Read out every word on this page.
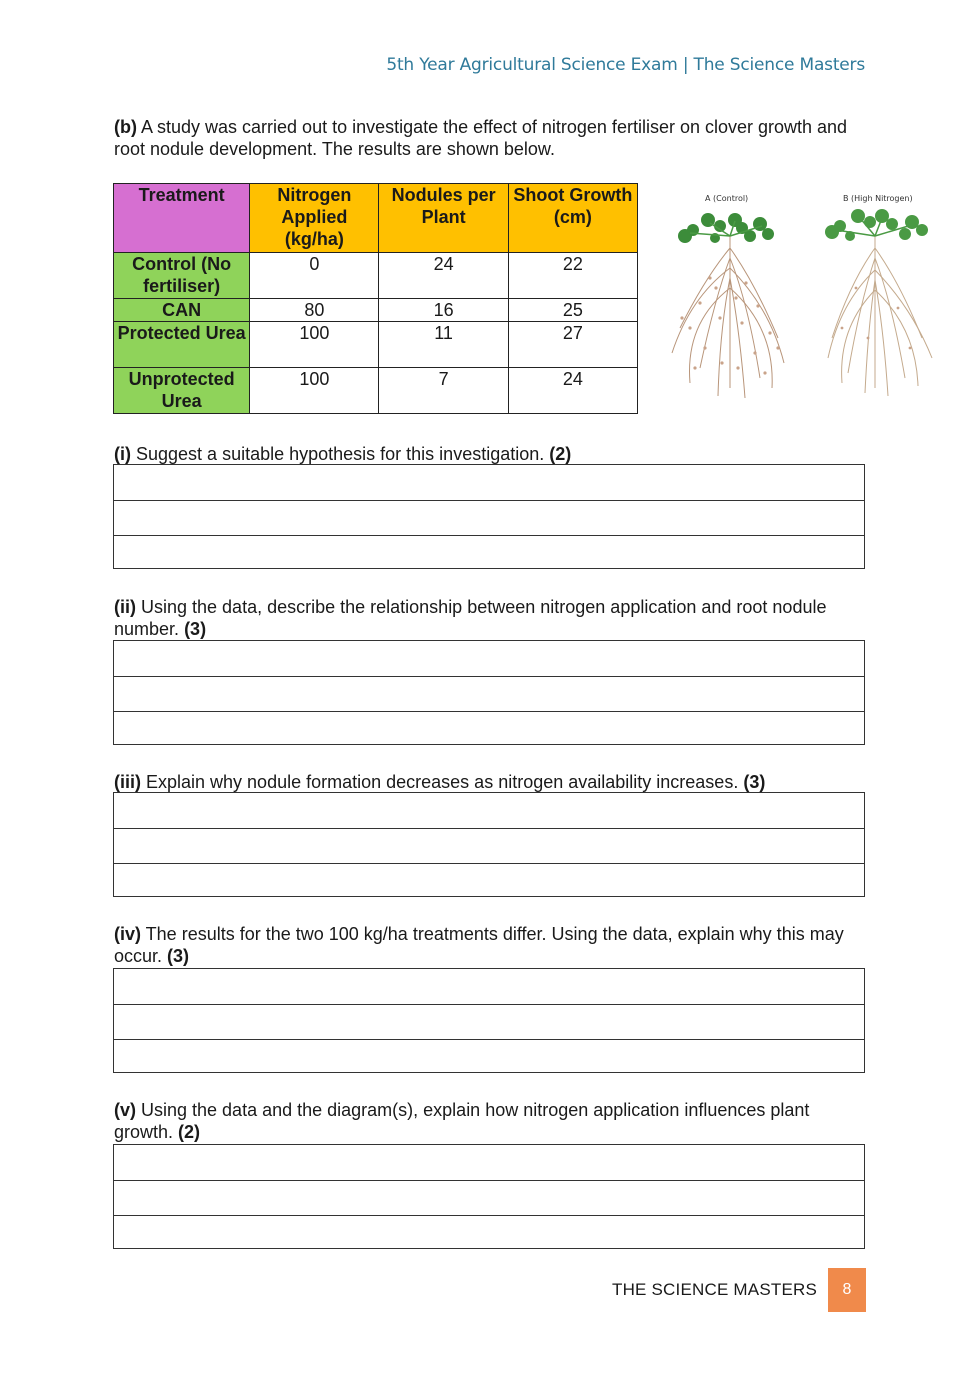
5th Year Agricultural Science Exam | The Science Masters
(b) A study was carried out to investigate the effect of nitrogen fertiliser on clover growth and root nodule development. The results are shown below.
Treatment	Nitrogen Applied (kg/ha)	Nodules per Plant	Shoot Growth (cm)
Control (No fertiliser)	0	24	22
CAN	80	16	25
Protected Urea	100	11	27
Unprotected Urea	100	7	24
A (Control)	B (High Nitrogen)
(i) Suggest a suitable hypothesis for this investigation. (2)
(ii) Using the data, describe the relationship between nitrogen application and root nodule number. (3)
(iii) Explain why nodule formation decreases as nitrogen availability increases. (3)
(iv) The results for the two 100 kg/ha treatments differ. Using the data, explain why this may occur. (3)
(v) Using the data and the diagram(s), explain how nitrogen application influences plant growth. (2)
THE SCIENCE MASTERS	8
